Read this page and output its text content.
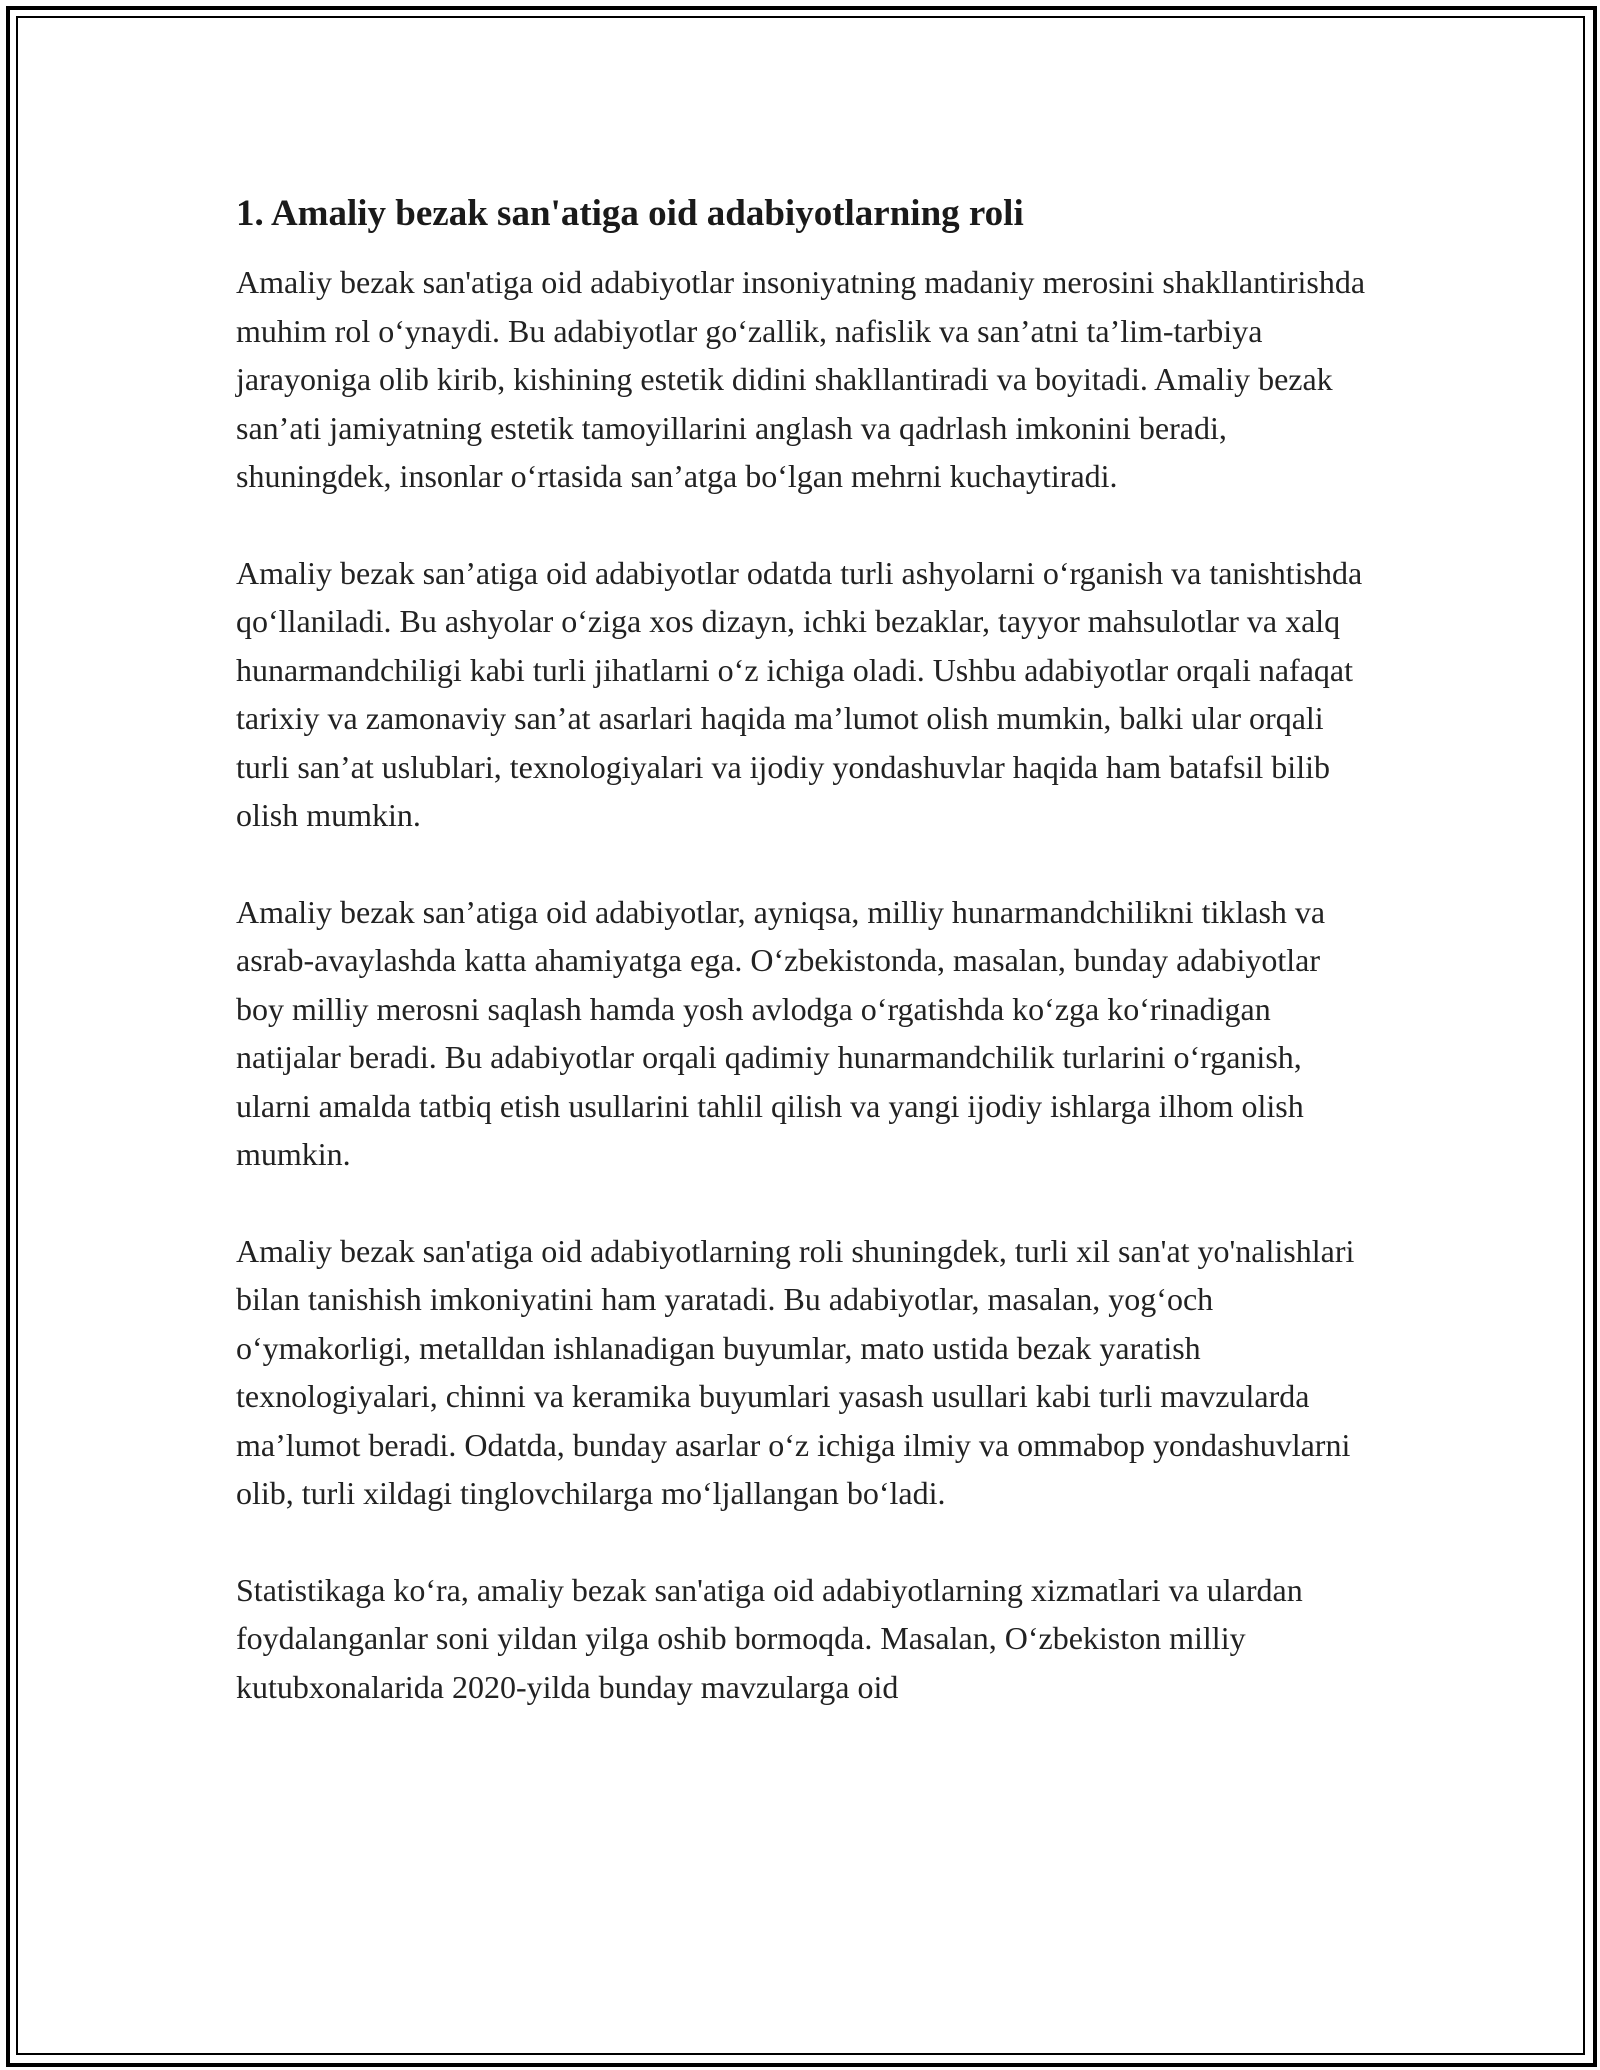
1. Amaliy bezak san'atiga oid adabiyotlarning roli

Amaliy bezak san'atiga oid adabiyotlar insoniyatning madaniy merosini shakllantirishda muhim rol o‘ynaydi. Bu adabiyotlar go‘zallik, nafislik va san’atni ta’lim-tarbiya jarayoniga olib kirib, kishining estetik didini shakllantiradi va boyitadi. Amaliy bezak san’ati jamiyatning estetik tamoyillarini anglash va qadrlash imkonini beradi, shuningdek, insonlar o‘rtasida san’atga bo‘lgan mehrni kuchaytiradi.

Amaliy bezak san’atiga oid adabiyotlar odatda turli ashyolarni o‘rganish va tanishtishda qo‘llaniladi. Bu ashyolar o‘ziga xos dizayn, ichki bezaklar, tayyor mahsulotlar va xalq hunarmandchiligi kabi turli jihatlarni o‘z ichiga oladi. Ushbu adabiyotlar orqali nafaqat tarixiy va zamonaviy san’at asarlari haqida ma’lumot olish mumkin, balki ular orqali turli san’at uslublari, texnologiyalari va ijodiy yondashuvlar haqida ham batafsil bilib olish mumkin.

Amaliy bezak san’atiga oid adabiyotlar, ayniqsa, milliy hunarmandchilikni tiklash va asrab-avaylashda katta ahamiyatga ega. O‘zbekistonda, masalan, bunday adabiyotlar boy milliy merosni saqlash hamda yosh avlodga o‘rgatishda ko‘zga ko‘rinadigan natijalar beradi. Bu adabiyotlar orqali qadimiy hunarmandchilik turlarini o‘rganish, ularni amalda tatbiq etish usullarini tahlil qilish va yangi ijodiy ishlarga ilhom olish mumkin.

Amaliy bezak san'atiga oid adabiyotlarning roli shuningdek, turli xil san'at yo'nalishlari bilan tanishish imkoniyatini ham yaratadi. Bu adabiyotlar, masalan, yog‘och o‘ymakorligi, metalldan ishlanadigan buyumlar, mato ustida bezak yaratish texnologiyalari, chinni va keramika buyumlari yasash usullari kabi turli mavzularda ma’lumot beradi. Odatda, bunday asarlar o‘z ichiga ilmiy va ommabop yondashuvlarni olib, turli xildagi tinglovchilarga mo‘ljallangan bo‘ladi.

Statistikaga ko‘ra, amaliy bezak san'atiga oid adabiyotlarning xizmatlari va ulardan foydalanganlar soni yildan yilga oshib bormoqda. Masalan, O‘zbekiston milliy kutubxonalarida 2020-yilda bunday mavzularga oid
